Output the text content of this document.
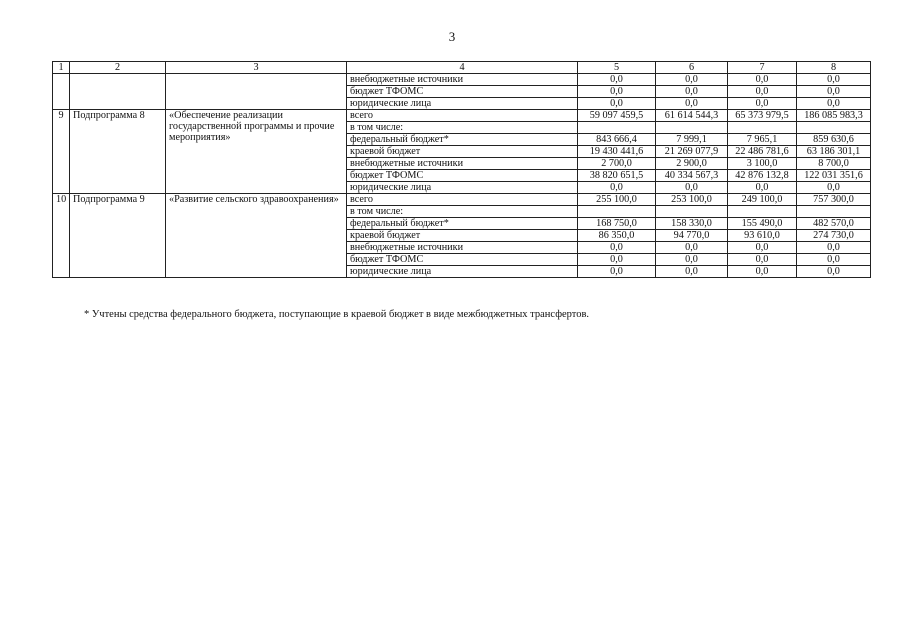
3
1	2	3	4	5	6	7	8
			внебюджетные источники	0,0	0,0	0,0	0,0
			бюджет ТФОМС	0,0	0,0	0,0	0,0
			юридические лица	0,0	0,0	0,0	0,0
9	Подпрограмма 8	«Обеспечение реализации государственной программы и прочие мероприятия»	всего	59 097 459,5	61 614 544,3	65 373 979,5	186 085 983,3
			в том числе:				
			федеральный бюджет*	843 666,4	7 999,1	7 965,1	859 630,6
			краевой бюджет	19 430 441,6	21 269 077,9	22 486 781,6	63 186 301,1
			внебюджетные источники	2 700,0	2 900,0	3 100,0	8 700,0
			бюджет ТФОМС	38 820 651,5	40 334 567,3	42 876 132,8	122 031 351,6
			юридические лица	0,0	0,0	0,0	0,0
10	Подпрограмма 9	«Развитие сельского здравоохранения»	всего	255 100,0	253 100,0	249 100,0	757 300,0
			в том числе:				
			федеральный бюджет*	168 750,0	158 330,0	155 490,0	482 570,0
			краевой бюджет	86 350,0	94 770,0	93 610,0	274 730,0
			внебюджетные источники	0,0	0,0	0,0	0,0
			бюджет ТФОМС	0,0	0,0	0,0	0,0
			юридические лица	0,0	0,0	0,0	0,0
* Учтены средства федерального бюджета, поступающие в краевой бюджет в виде межбюджетных трансфертов.
